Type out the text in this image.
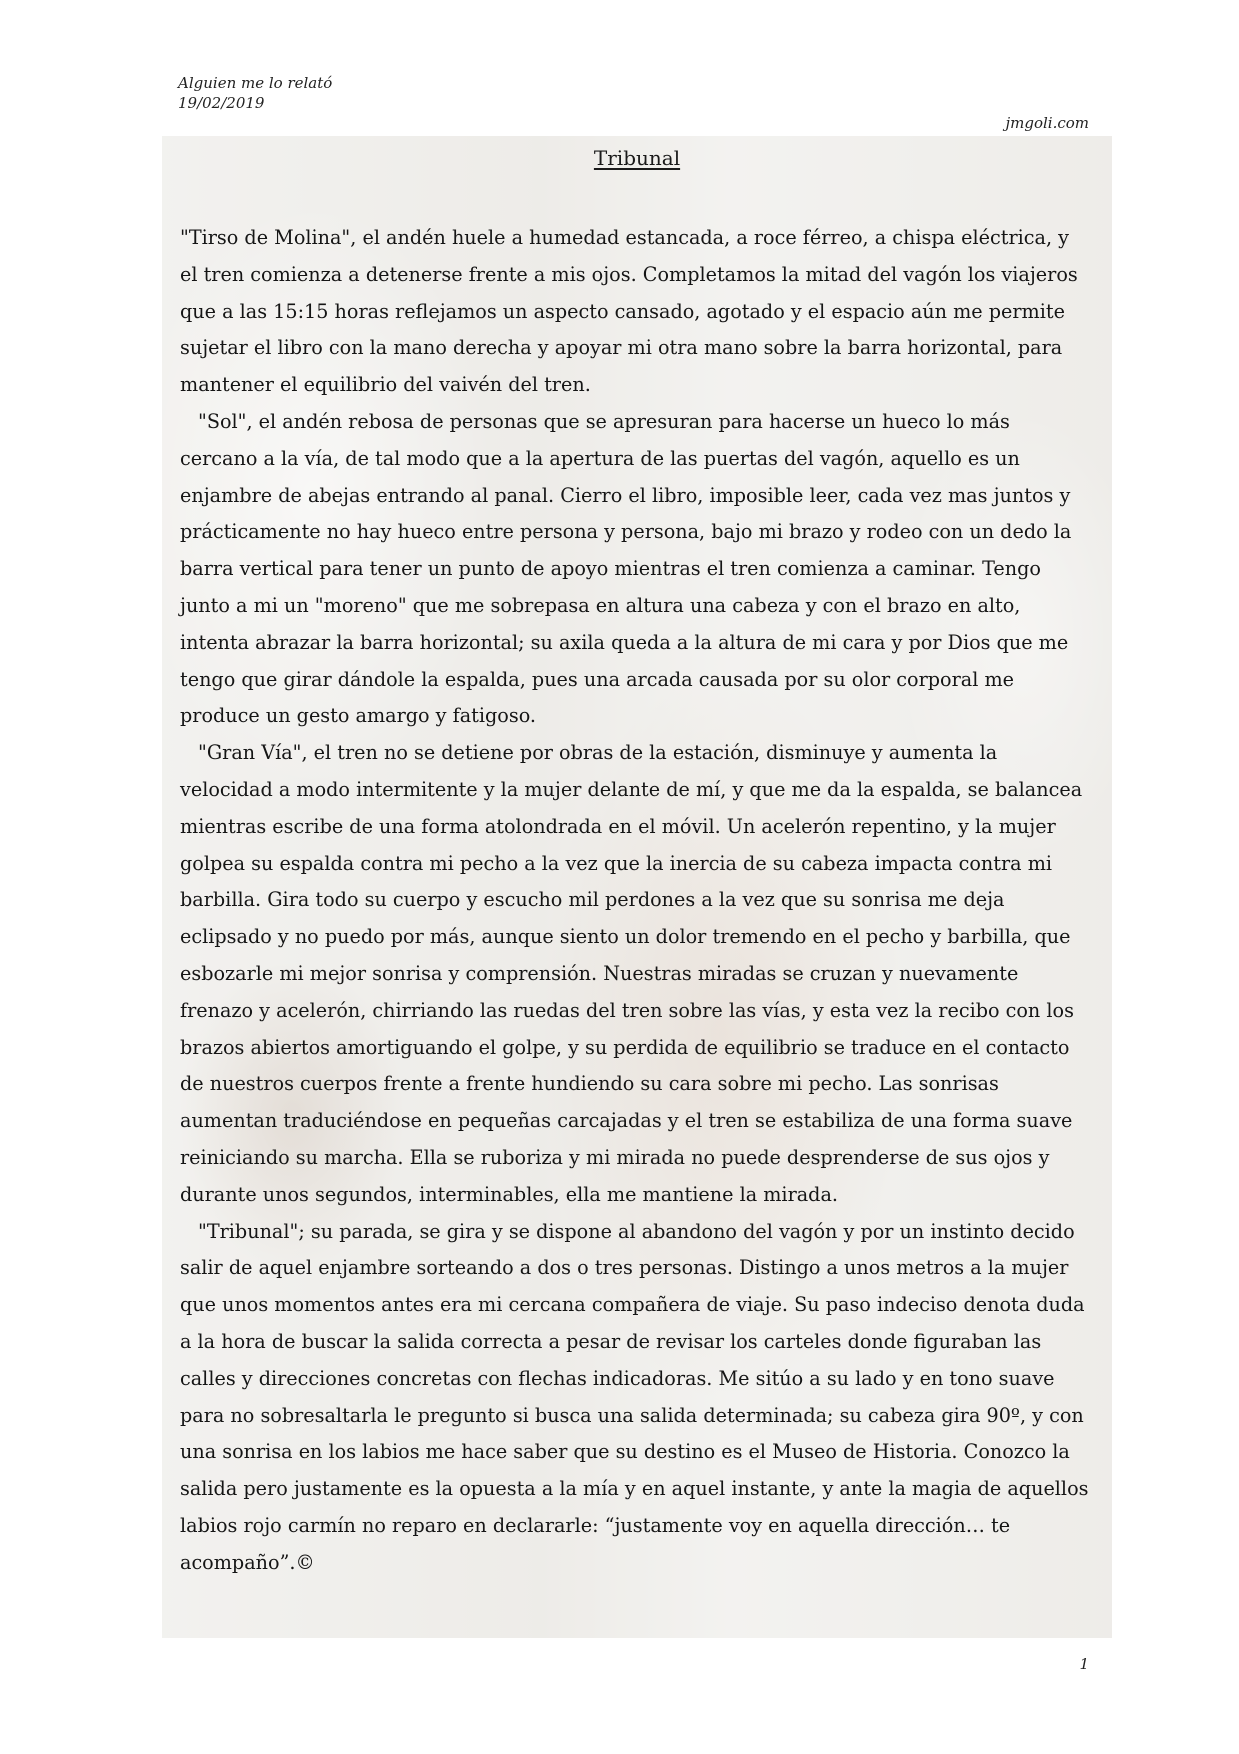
Alguien me lo relató
19/02/2019
jmgoli.com
Tribunal

"Tirso de Molina", el andén huele a humedad estancada, a roce férreo, a chispa eléctrica, y el tren comienza a detenerse frente a mis ojos. Completamos la mitad del vagón los viajeros que a las 15:15 horas reflejamos un aspecto cansado, agotado y el espacio aún me permite sujetar el libro con la mano derecha y apoyar mi otra mano sobre la barra horizontal, para mantener el equilibrio del vaivén del tren.

"Sol", el andén rebosa de personas que se apresuran para hacerse un hueco lo más cercano a la vía, de tal modo que a la apertura de las puertas del vagón, aquello es un enjambre de abejas entrando al panal. Cierro el libro, imposible leer, cada vez mas juntos y prácticamente no hay hueco entre persona y persona, bajo mi brazo y rodeo con un dedo la barra vertical para tener un punto de apoyo mientras el tren comienza a caminar. Tengo junto a mi un "moreno" que me sobrepasa en altura una cabeza y con el brazo en alto, intenta abrazar la barra horizontal; su axila queda a la altura de mi cara y por Dios que me tengo que girar dándole la espalda, pues una arcada causada por su olor corporal me produce un gesto amargo y fatigoso.

"Gran Vía", el tren no se detiene por obras de la estación, disminuye y aumenta la velocidad a modo intermitente y la mujer delante de mí, y que me da la espalda, se balancea mientras escribe de una forma atolondrada en el móvil. Un acelerón repentino, y la mujer golpea su espalda contra mi pecho a la vez que la inercia de su cabeza impacta contra mi barbilla. Gira todo su cuerpo y escucho mil perdones a la vez que su sonrisa me deja eclipsado y no puedo por más, aunque siento un dolor tremendo en el pecho y barbilla, que esbozarle mi mejor sonrisa y comprensión. Nuestras miradas se cruzan y nuevamente frenazo y acelerón, chirriando las ruedas del tren sobre las vías, y esta vez la recibo con los brazos abiertos amortiguando el golpe, y su perdida de equilibrio se traduce en el contacto de nuestros cuerpos frente a frente hundiendo su cara sobre mi pecho. Las sonrisas aumentan traduciéndose en pequeñas carcajadas y el tren se estabiliza de una forma suave reiniciando su marcha. Ella se ruboriza y mi mirada no puede desprenderse de sus ojos y durante unos segundos, interminables, ella me mantiene la mirada.

"Tribunal"; su parada, se gira y se dispone al abandono del vagón y por un instinto decido salir de aquel enjambre sorteando a dos o tres personas. Distingo a unos metros a la mujer que unos momentos antes era mi cercana compañera de viaje. Su paso indeciso denota duda a la hora de buscar la salida correcta a pesar de revisar los carteles donde figuraban las calles y direcciones concretas con flechas indicadoras. Me sitúo a su lado y en tono suave para no sobresaltarla le pregunto si busca una salida determinada; su cabeza gira 90º, y con una sonrisa en los labios me hace saber que su destino es el Museo de Historia. Conozco la salida pero justamente es la opuesta a la mía y en aquel instante, y ante la magia de aquellos labios rojo carmín no reparo en declararle: “justamente voy en aquella dirección… te acompaño”.©

1
